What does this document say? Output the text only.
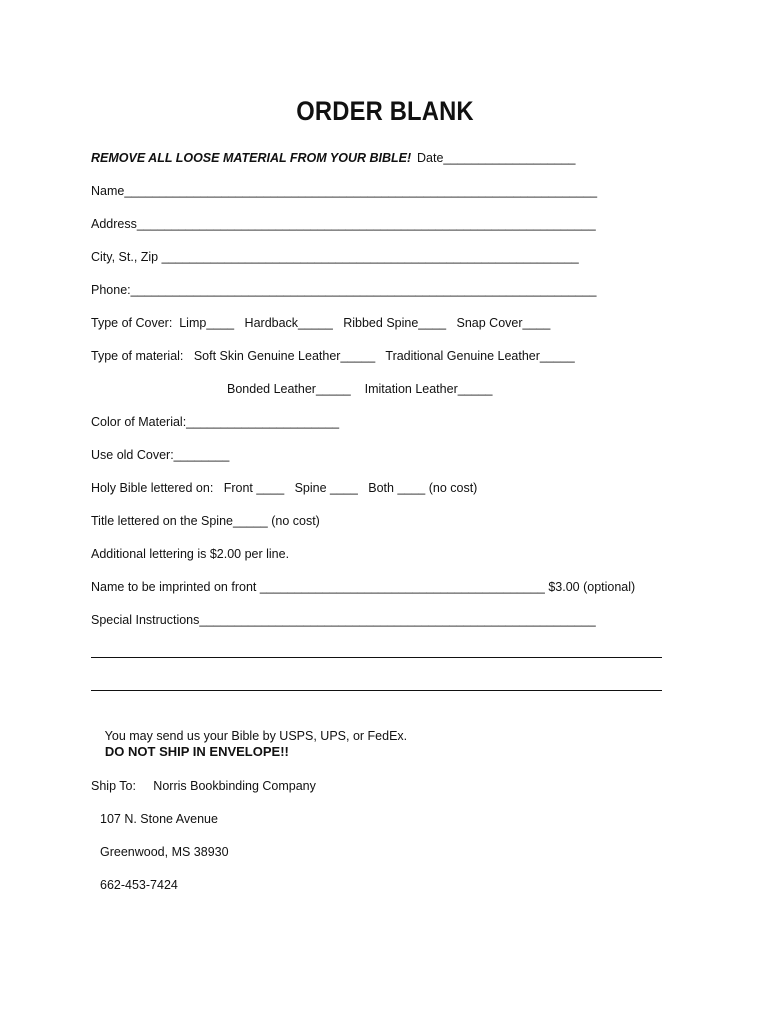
ORDER BLANK
REMOVE ALL LOOSE MATERIAL FROM YOUR BIBLE! Date___________________
Name____________________________________________________________________
Address__________________________________________________________________
City, St., Zip ____________________________________________________________
Phone:___________________________________________________________________
Type of Cover:  Limp____   Hardback_____   Ribbed Spine____   Snap Cover____
Type of material:   Soft Skin Genuine Leather_____   Traditional Genuine Leather_____
Bonded Leather_____    Imitation Leather_____
Color of Material:______________________
Use old Cover:________
Holy Bible lettered on:   Front ____   Spine ____   Both ____ (no cost)
Title lettered on the Spine_____ (no cost)
Additional lettering is $2.00 per line.
Name to be imprinted on front _________________________________________ $3.00 (optional)
Special Instructions_________________________________________________________

You may send us your Bible by USPS, UPS, or FedEx.
DO NOT SHIP IN ENVELOPE!!

Ship To:     Norris Bookbinding Company
107 N. Stone Avenue
Greenwood, MS 38930
662-453-7424
